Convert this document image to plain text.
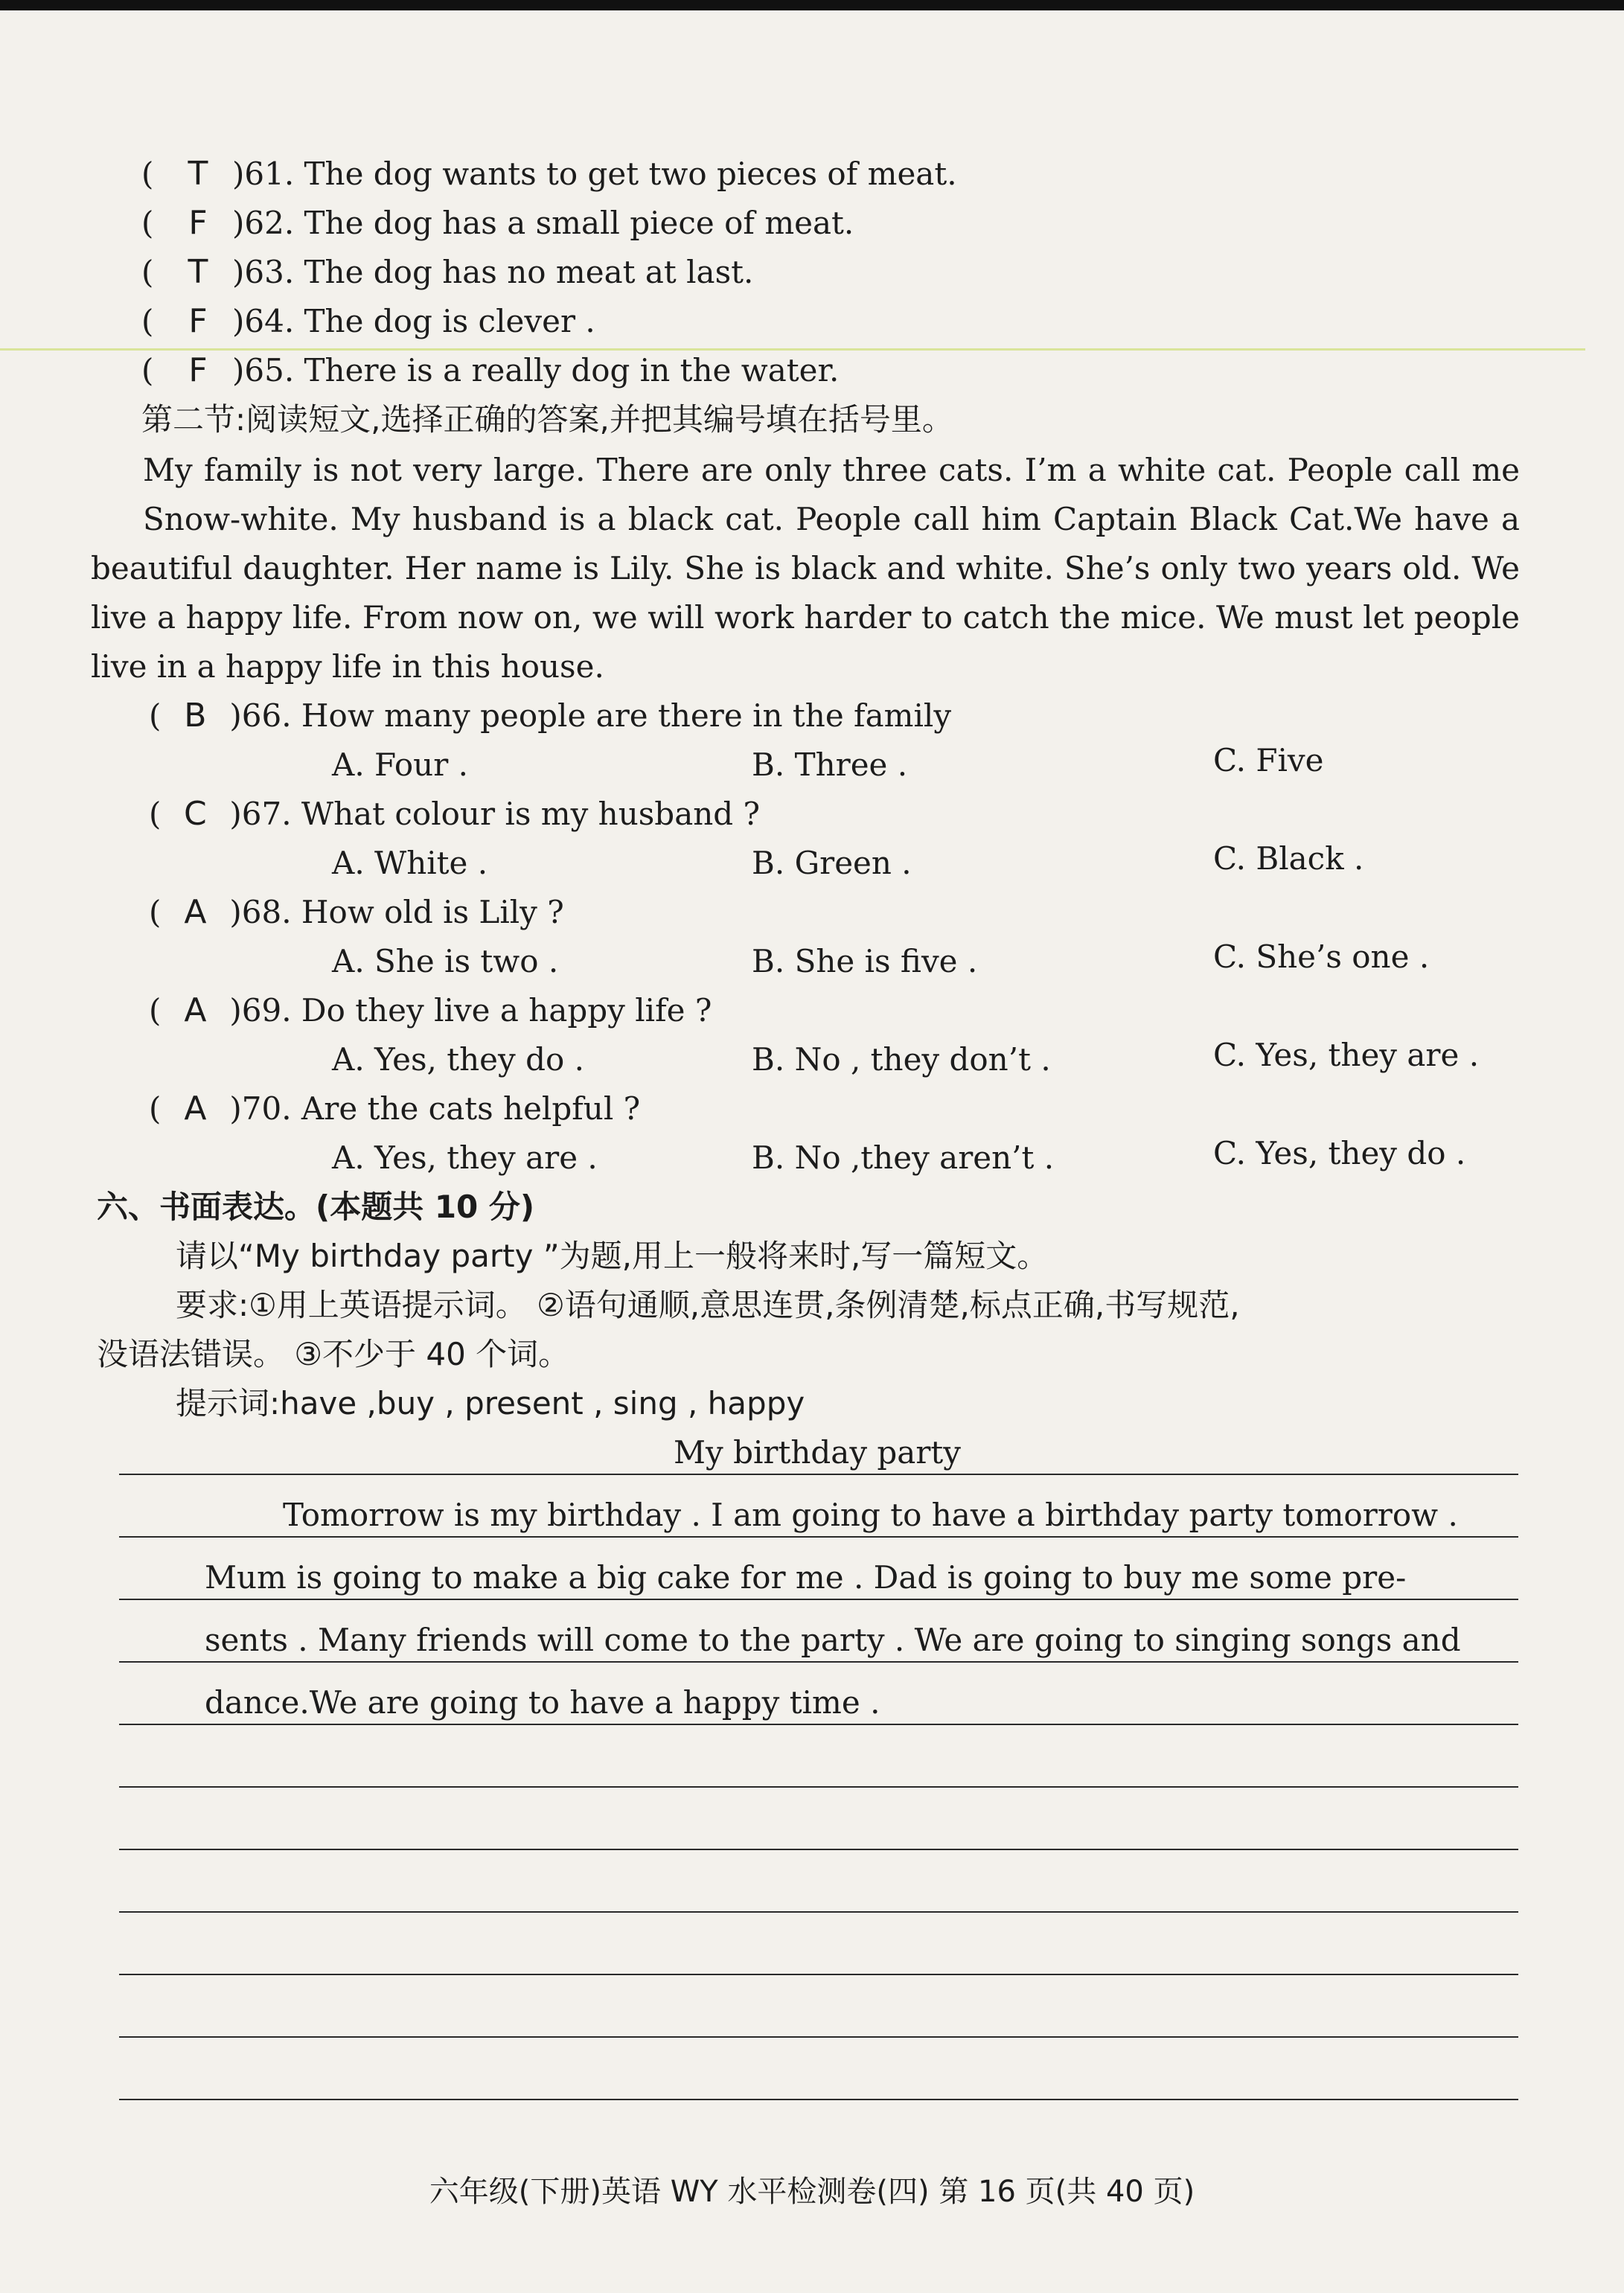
( T )61. The dog wants to get two pieces of meat.
( F )62. The dog has a small piece of meat.
( T )63. The dog has no meat at last.
( F )64. The dog is clever .
( F )65. There is a really dog in the water.
第二节:阅读短文,选择正确的答案,并把其编号填在括号里。
My family is not very large. There are only three cats. I’m a white cat. People call me
Snow-white. My husband is a black cat. People call him Captain Black Cat.We have a
beautiful daughter. Her name is Lily. She is black and white. She’s only two years old. We
live a happy life. From now on, we will work harder to catch the mice. We must let people
live in a happy life in this house.
( B )66. How many people are there in the family
A. Four .	B. Three .	C. Five
( C )67. What colour is my husband ?
A. White .	B. Green .	C. Black .
( A )68. How old is Lily ?
A. She is two .	B. She is five .	C. She’s one .
( A )69. Do they live a happy life ?
A. Yes, they do .	B. No , they don’t .	C. Yes, they are .
( A )70. Are the cats helpful ?
A. Yes, they are .	B. No ,they aren’t .	C. Yes, they do .
六、书面表达。(本题共 10 分)
请以“My birthday party ”为题,用上一般将来时,写一篇短文。
要求:①用上英语提示词。 ②语句通顺,意思连贯,条例清楚,标点正确,书写规范,
没语法错误。 ③不少于 40 个词。
提示词:have ,buy , present , sing , happy
My birthday party
Tomorrow is my birthday . I am going to have a birthday party tomorrow .
Mum is going to make a big cake for me . Dad is going to buy me some pre-
sents . Many friends will come to the party . We are going to singing songs and
dance.We are going to have a happy time .
六年级(下册)英语 WY 水平检测卷(四) 第 16 页(共 40 页)
